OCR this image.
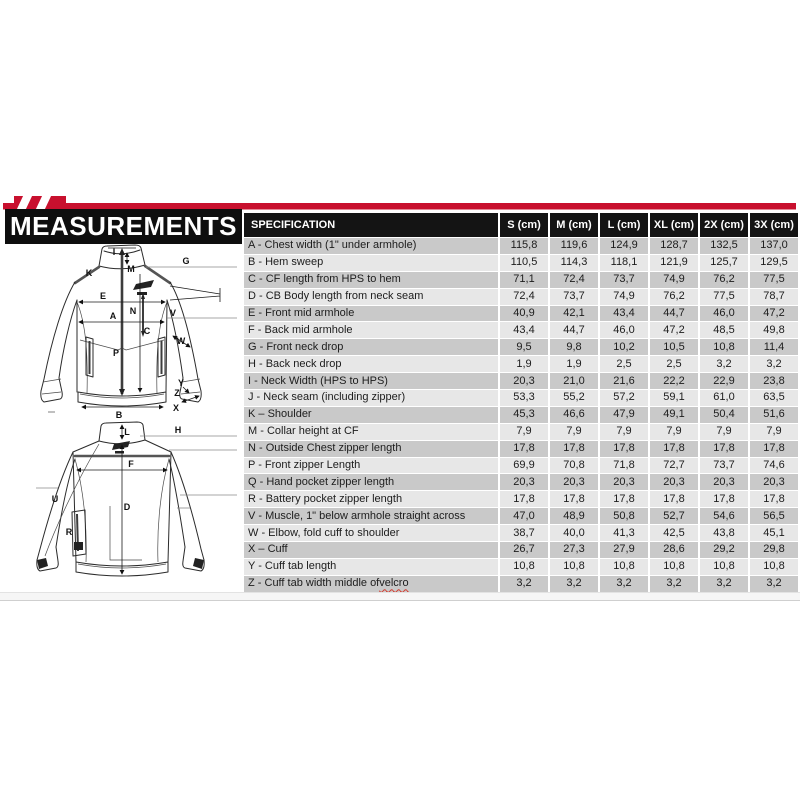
MEASUREMENTS	SPECIFICATION	S (cm)	M (cm)	L (cm)	XL (cm) 2X (cm) 3X (cm)
A - Chest width (1" under armhole)	115,8	119,6	124,9	128,7	132,5	137,0
B - Hem sweep	110,5	114,3	118,1	121,9	125,7	129,5
C - CF length from HPS to hem	71,1	72,4	73,7	74,9	76,2	77,5
D - CB Body length from neck seam	72,4	73,7	74,9	76,2	77,5	78,7
E - Front mid armhole	40,9	42,1	43,4	44,7	46,0	47,2
F - Back mid armhole	43,4	44,7	46,0	47,2	48,5	49,8
G - Front neck drop	9,5	9,8	10,2	10,5	10,8	11,4
H - Back neck drop	1,9	1,9	2,5	2,5	3,2	3,2
I - Neck Width (HPS to HPS)	20,3	21,0	21,6	22,2	22,9	23,8
J - Neck seam (including zipper)	53,3	55,2	57,2	59,1	61,0	63,5
K – Shoulder	45,3	46,6	47,9	49,1	50,4	51,6
M - Collar height at CF	7,9	7,9	7,9	7,9	7,9	7,9
N - Outside Chest zipper length	17,8	17,8	17,8	17,8	17,8	17,8
P - Front zipper Length	69,9	70,8	71,8	72,7	73,7	74,6
Q - Hand pocket zipper length	20,3	20,3	20,3	20,3	20,3	20,3
R - Battery pocket zipper length	17,8	17,8	17,8	17,8	17,8	17,8
V - Muscle, 1" below armhole straight across	47,0	48,9	50,8	52,7	54,6	56,5
W - Elbow, fold cuff to shoulder	38,7	40,0	41,3	42,5	43,8	45,1
X – Cuff	26,7	27,3	27,9	28,6	29,2	29,8
Y - Cuff tab length	10,8	10,8	10,8	10,8	10,8	10,8
Z - Cuff tab width middle of velcro	3,2	3,2	3,2	3,2	3,2	3,2
I
M
K
G
E
N
A	V
C
W
P
B
X
Y
Z
L	H
F
D
U
R
